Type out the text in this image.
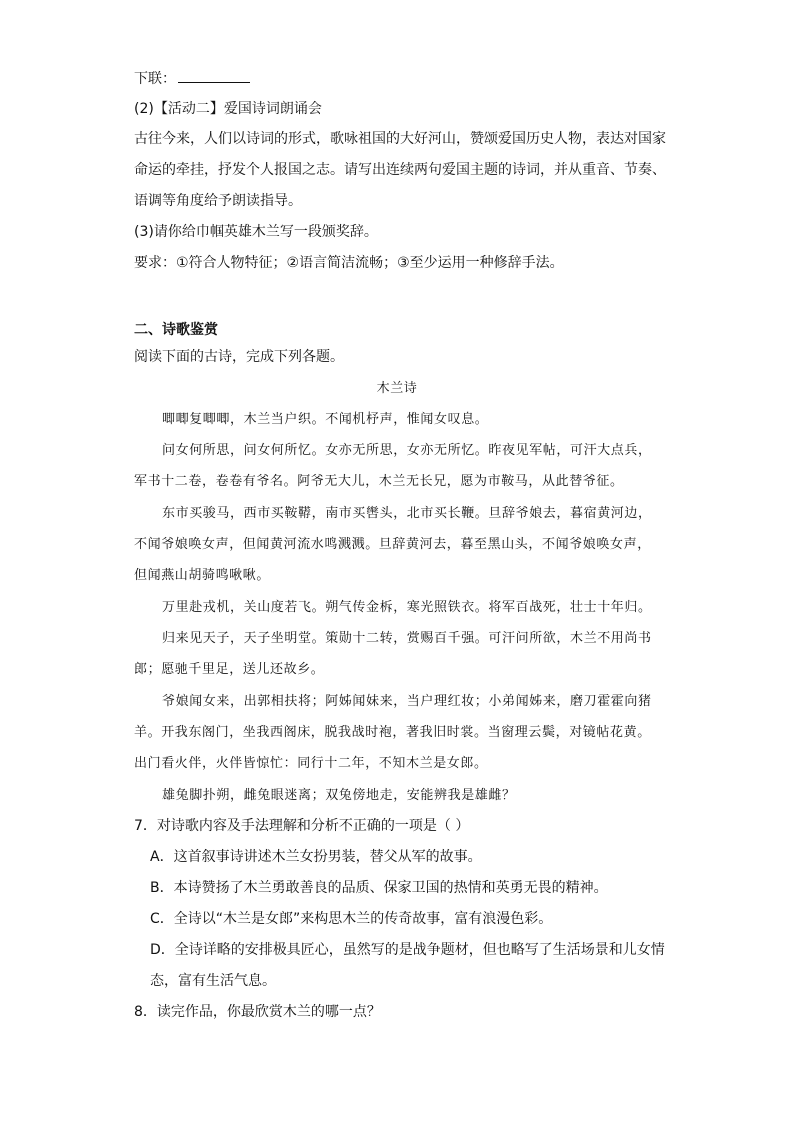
下联：
(2)【活动二】爱国诗词朗诵会
古往今来，人们以诗词的形式，歌咏祖国的大好河山，赞颂爱国历史人物，表达对国家
命运的牵挂，抒发个人报国之志。请写出连续两句爱国主题的诗词，并从重音、节奏、
语调等角度给予朗读指导。
(3)请你给巾帼英雄木兰写一段颁奖辞。
要求：①符合人物特征；②语言简洁流畅；③至少运用一种修辞手法。
二、诗歌鉴赏
阅读下面的古诗，完成下列各题。
木兰诗
唧唧复唧唧，木兰当户织。不闻机杼声，惟闻女叹息。
问女何所思，问女何所忆。女亦无所思，女亦无所忆。昨夜见军帖，可汗大点兵，
军书十二卷，卷卷有爷名。阿爷无大儿，木兰无长兄，愿为市鞍马，从此替爷征。
东市买骏马，西市买鞍鞯，南市买辔头，北市买长鞭。旦辞爷娘去，暮宿黄河边，
不闻爷娘唤女声，但闻黄河流水鸣溅溅。旦辞黄河去，暮至黑山头，不闻爷娘唤女声，
但闻燕山胡骑鸣啾啾。
万里赴戎机，关山度若飞。朔气传金柝，寒光照铁衣。将军百战死，壮士十年归。
归来见天子，天子坐明堂。策勋十二转，赏赐百千强。可汗问所欲，木兰不用尚书
郎；愿驰千里足，送儿还故乡。
爷娘闻女来，出郭相扶将；阿姊闻妹来，当户理红妆；小弟闻姊来，磨刀霍霍向猪
羊。开我东阁门，坐我西阁床，脱我战时袍，著我旧时裳。当窗理云鬓，对镜帖花黄。
出门看火伴，火伴皆惊忙：同行十二年，不知木兰是女郎。
雄兔脚扑朔，雌兔眼迷离；双兔傍地走，安能辨我是雄雌？
7．对诗歌内容及手法理解和分析不正确的一项是（ ）
A．这首叙事诗讲述木兰女扮男装，替父从军的故事。
B．本诗赞扬了木兰勇敢善良的品质、保家卫国的热情和英勇无畏的精神。
C．全诗以“木兰是女郎”来构思木兰的传奇故事，富有浪漫色彩。
D．全诗详略的安排极具匠心，虽然写的是战争题材，但也略写了生活场景和儿女情
态，富有生活气息。
8．读完作品，你最欣赏木兰的哪一点？
